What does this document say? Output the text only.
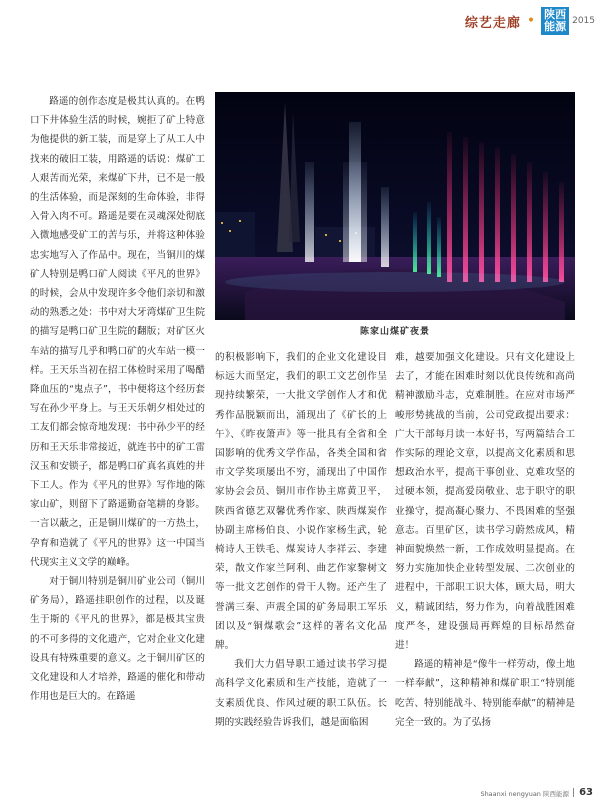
综艺走廊 • 陕西
能源 2015

路遥的创作态度是极其认真的。在鸭口下井体验生活的时候，婉拒了矿上特意为他提供的新工装，而是穿上了从工人中找来的破旧工装，用路遥的话说：煤矿工人艰苦而光荣，来煤矿下井，已不是一般的生活体验，而是深刻的生命体验，非得入骨入肉不可。路遥是要在灵魂深处彻底入微地感受矿工的苦与乐，并将这种体验忠实地写入了作品中。现在，当铜川的煤矿人特别是鸭口矿人阅读《平凡的世界》的时候，会从中发现许多令他们亲切和激动的熟悉之处：书中对大牙湾煤矿卫生院的描写是鸭口矿卫生院的翻版；对矿区火车站的描写几乎和鸭口矿的火车站一模一样。王天乐当初在招工体检时采用了喝醋降血压的“鬼点子”，书中便将这个经历套写在孙少平身上。与王天乐朝夕相处过的工友们都会惊奇地发现：书中孙少平的经历和王天乐非常接近，就连书中的矿工雷汉玉和安锁子，都是鸭口矿真名真姓的井下工人。作为《平凡的世界》写作地的陈家山矿，则留下了路遥勤奋笔耕的身影。一言以蔽之，正是铜川煤矿的一方热土，孕育和造就了《平凡的世界》这一中国当代现实主义文学的巅峰。

对于铜川特别是铜川矿业公司（铜川矿务局），路遥挂职创作的过程，以及诞生于斯的《平凡的世界》，都是极其宝贵的不可多得的文化遗产，它对企业文化建设具有特殊重要的意义。之于铜川矿区的文化建设和人才培养，路遥的催化和带动作用也是巨大的。在路遥

陈家山煤矿夜景

的积极影响下，我们的企业文化建设目标远大而坚定，我们的职工文艺创作呈现持续繁荣，一大批文学创作人才和优秀作品脱颖而出，涌现出了《矿长的上午》、《昨夜箫声》等一批具有全省和全国影响的优秀文学作品，各类全国和省市文学奖项屡出不穷，涌现出了中国作家协会会员、铜川市作协主席黄卫平，陕西省德艺双馨优秀作家、陕西煤炭作协副主席杨伯良、小说作家杨生武，轮椅诗人王铁毛、煤炭诗人李祥云、李建荣，散文作家兰阿利、曲艺作家黎树文等一批文艺创作的骨干人物。还产生了誉满三秦、声震全国的矿务局职工军乐团以及“铜煤歌会”这样的著名文化品牌。

我们大力倡导职工通过读书学习提高科学文化素质和生产技能，造就了一支素质优良、作风过硬的职工队伍。长期的实践经验告诉我们，越是面临困

难，越要加强文化建设。只有文化建设上去了，才能在困难时刻以优良传统和高尚精神激励斗志，克难制胜。在应对市场严峻形势挑战的当前，公司党政提出要求：广大干部每月读一本好书，写两篇结合工作实际的理论文章，以提高文化素质和思想政治水平，提高干事创业、克难攻坚的过硬本领，提高爱岗敬业、忠于职守的职业操守，提高凝心聚力、不畏困难的坚强意志。百里矿区，读书学习蔚然成风，精神面貌焕然一新，工作成效明显提高。在努力实施加快企业转型发展、二次创业的进程中，干部职工识大体，顾大局，明大义，精诚团结，努力作为，向着战胜困难度严冬，建设强局再辉煌的目标昂然奋进！

路遥的精神是“像牛一样劳动，像土地一样奉献”，这种精神和煤矿职工“特别能吃苦、特别能战斗、特别能奉献”的精神是完全一致的。为了弘扬

Shaanxi nengyuan 陕西能源 63
